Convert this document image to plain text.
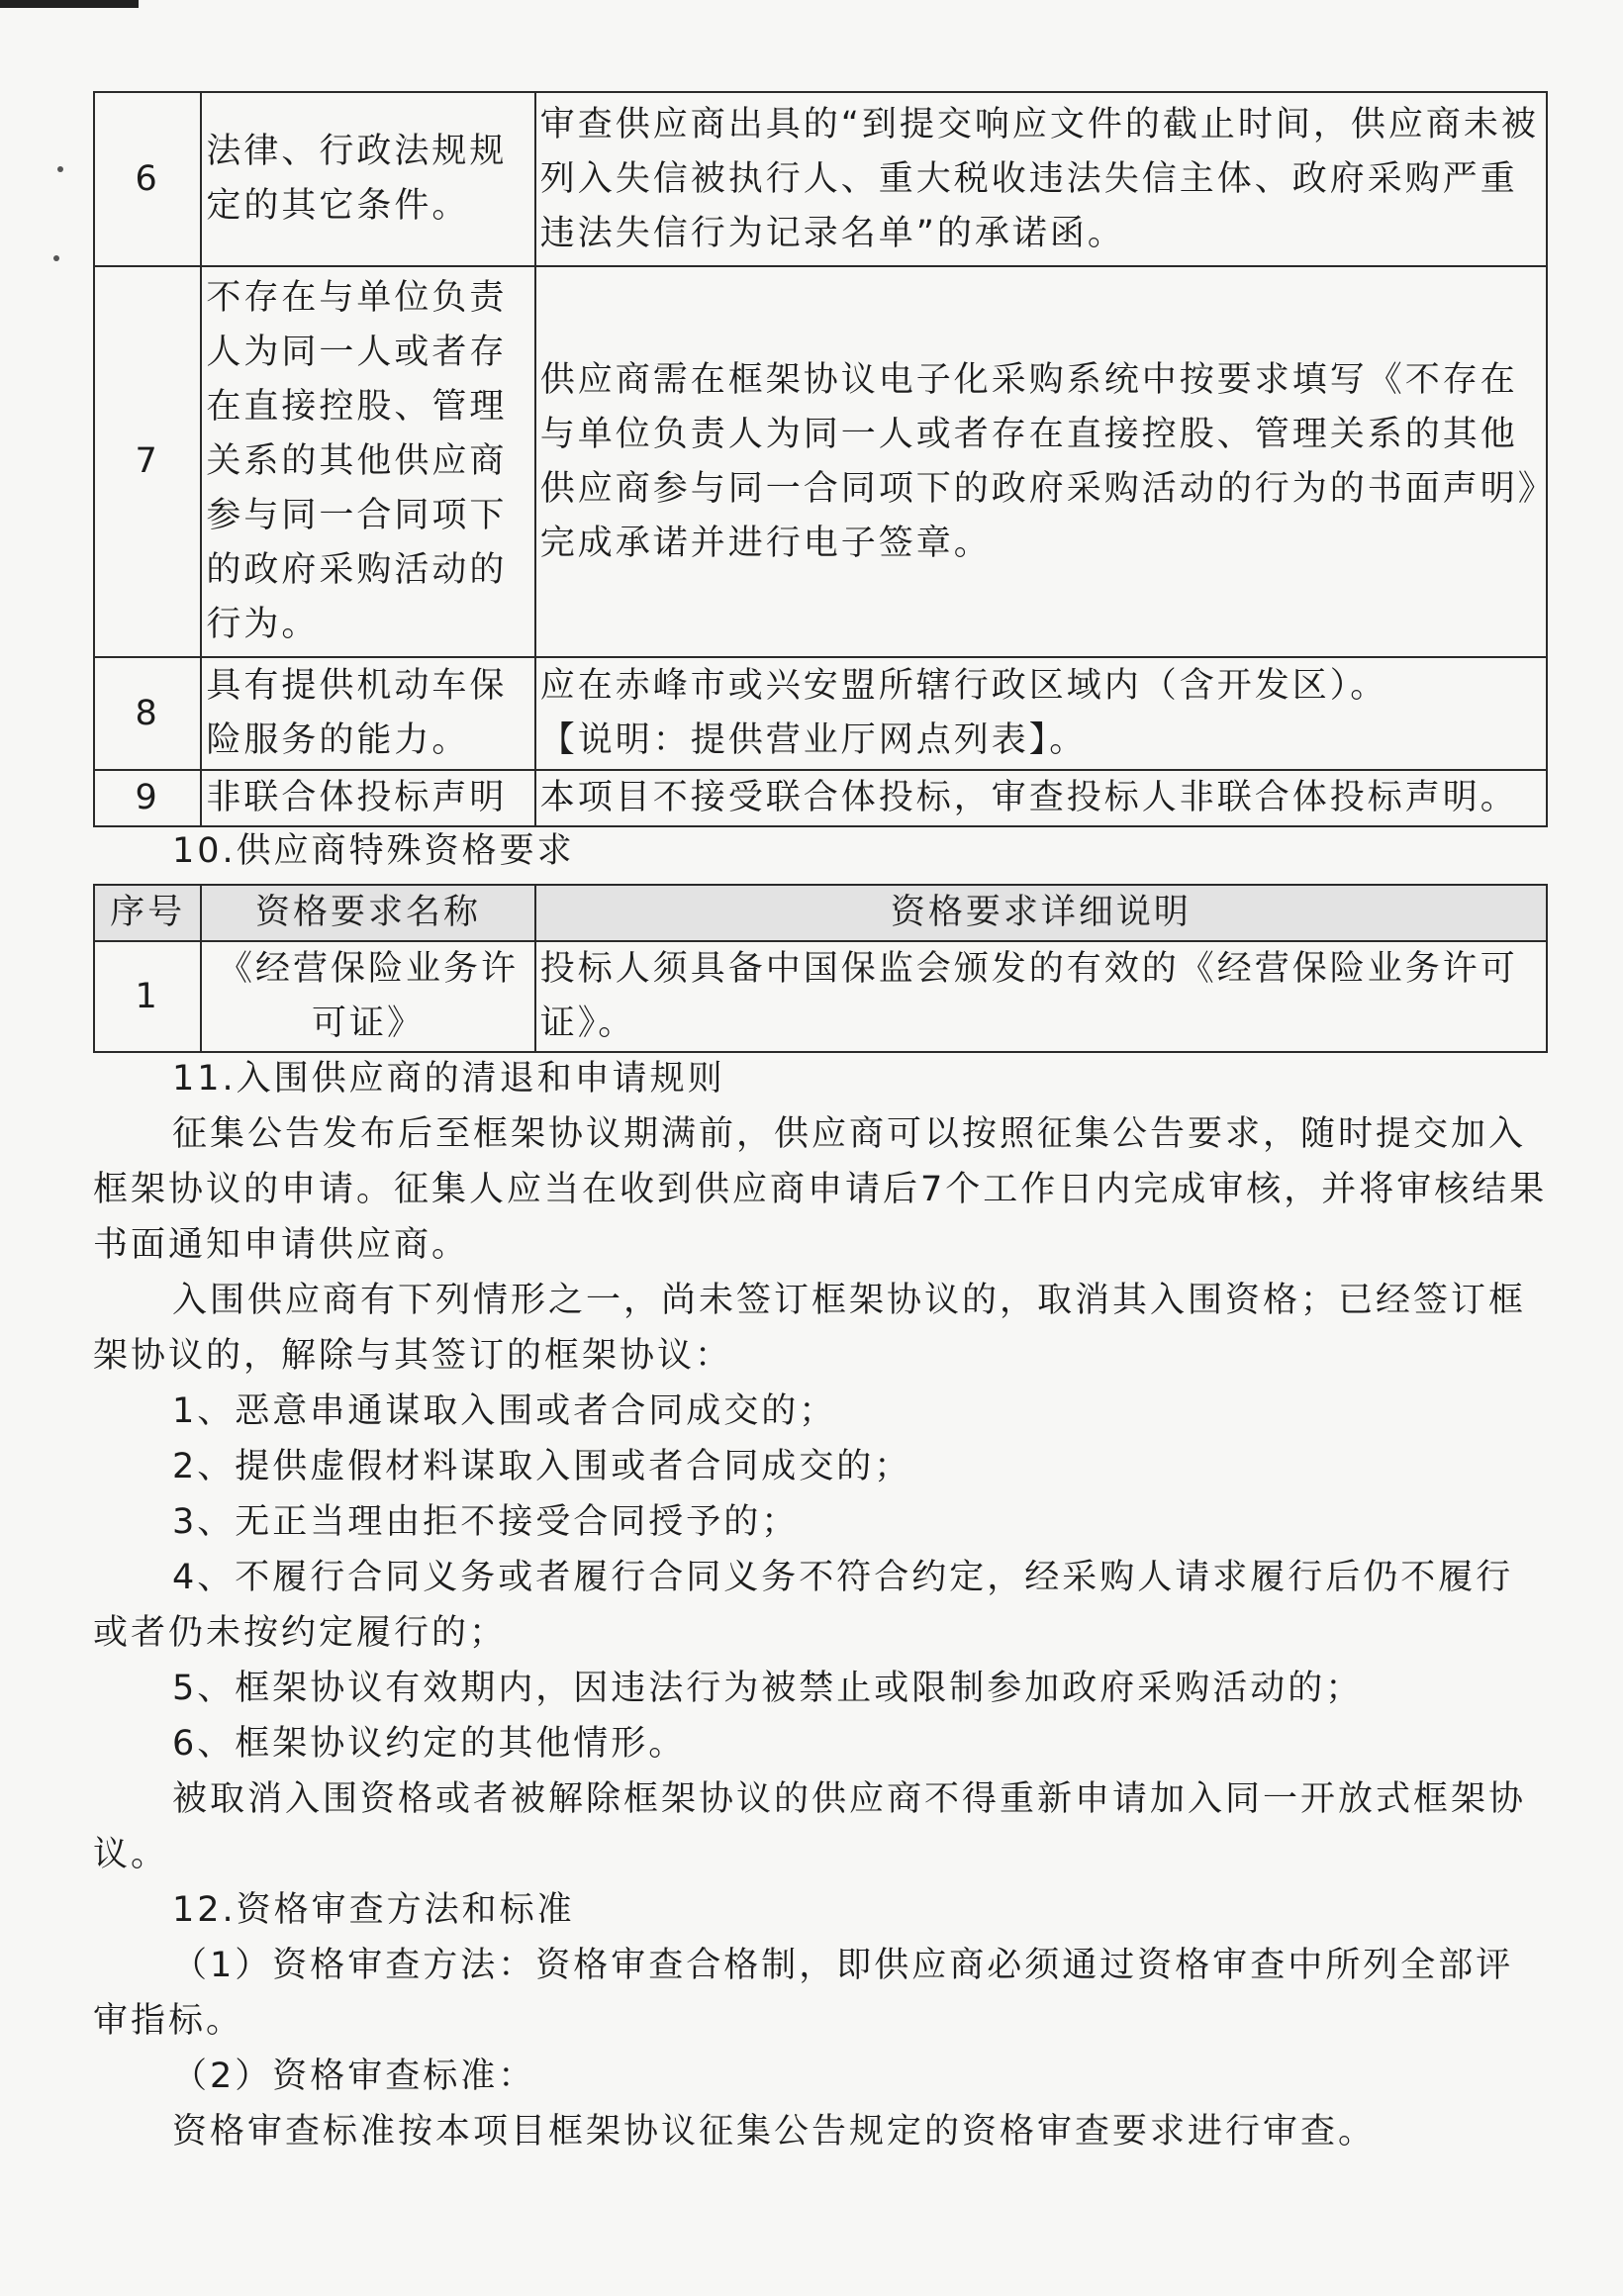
6	法律、行政法规规定的其它条件。	审查供应商出具的“到提交响应文件的截止时间，供应商未被列入失信被执行人、重大税收违法失信主体、政府采购严重违法失信行为记录名单”的承诺函。
7	不存在与单位负责人为同一人或者存在直接控股、管理关系的其他供应商参与同一合同项下的政府采购活动的行为。	供应商需在框架协议电子化采购系统中按要求填写《不存在与单位负责人为同一人或者存在直接控股、管理关系的其他供应商参与同一合同项下的政府采购活动的行为的书面声明》完成承诺并进行电子签章。
8	具有提供机动车保险服务的能力。	应在赤峰市或兴安盟所辖行政区域内（含开发区）。
【说明：提供营业厅网点列表】。

9	非联合体投标声明	本项目不接受联合体投标，审查投标人非联合体投标声明。

10.供应商特殊资格要求

序号	资格要求名称	资格要求详细说明
1	《经营保险业务许可证》	投标人须具备中国保监会颁发的有效的《经营保险业务许可证》。

11.入围供应商的清退和申请规则

征集公告发布后至框架协议期满前，供应商可以按照征集公告要求，随时提交加入框架协议的申请。征集人应当在收到供应商申请后7个工作日内完成审核，并将审核结果书面通知申请供应商。

入围供应商有下列情形之一，尚未签订框架协议的，取消其入围资格；已经签订框架协议的，解除与其签订的框架协议：

1、恶意串通谋取入围或者合同成交的；

2、提供虚假材料谋取入围或者合同成交的；

3、无正当理由拒不接受合同授予的；

4、不履行合同义务或者履行合同义务不符合约定，经采购人请求履行后仍不履行或者仍未按约定履行的；

5、框架协议有效期内，因违法行为被禁止或限制参加政府采购活动的；

6、框架协议约定的其他情形。

被取消入围资格或者被解除框架协议的供应商不得重新申请加入同一开放式框架协议。

12.资格审查方法和标准

（1）资格审查方法：资格审查合格制，即供应商必须通过资格审查中所列全部评审指标。

（2）资格审查标准：

资格审查标准按本项目框架协议征集公告规定的资格审查要求进行审查。
